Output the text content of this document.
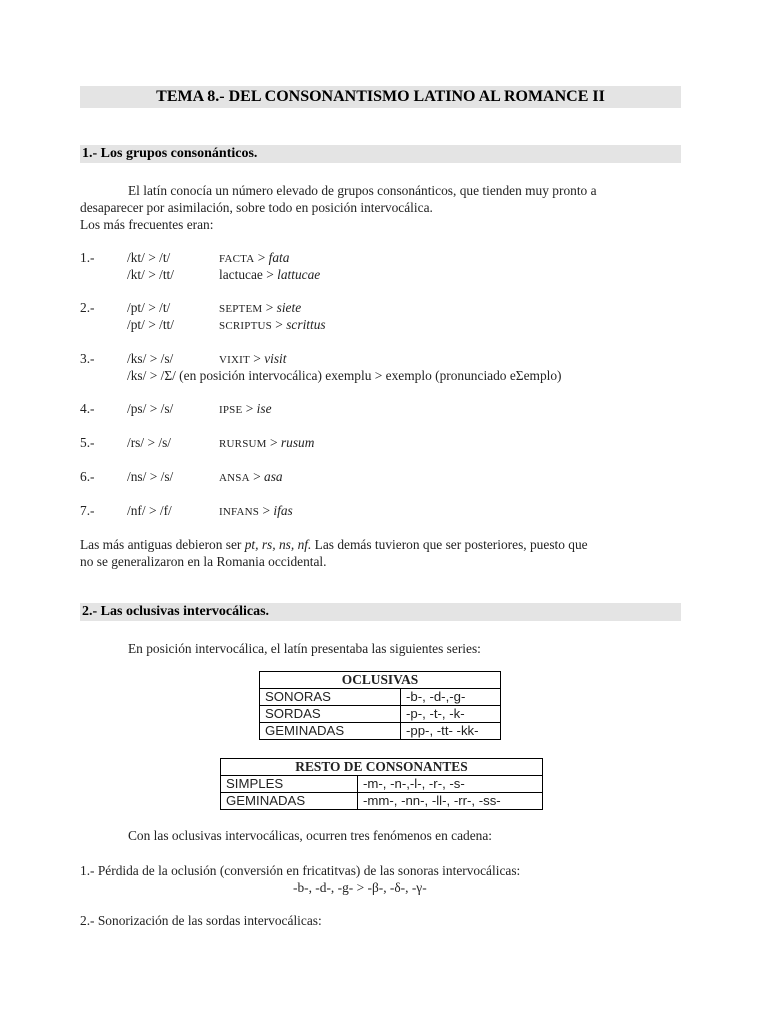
TEMA 8.- DEL CONSONANTISMO LATINO AL ROMANCE II
1.- Los grupos consonánticos.
El latín conocía un número elevado de grupos consonánticos, que tienden muy pronto a
desaparecer por asimilación, sobre todo en posición intervocálica.
Los más frecuentes eran:
1.- /kt/ > /t/	FACTA > fata
/kt/ > /tt/	lactucae > lattucae
2.- /pt/ > /t/	SEPTEM > siete
/pt/ > /tt/	SCRIPTUS > scrittus
3.- /ks/ > /s/	VIXIT > visit
/ks/ > /Σ/ (en posición intervocálica) exemplu > exemplo (pronunciado eΣemplo)
4.- /ps/ > /s/	IPSE > ise
5.- /rs/ > /s/	RURSUM > rusum
6.- /ns/ > /s/	ANSA > asa
7.- /nf/ > /f/	INFANS > ifas
Las más antiguas debieron ser pt, rs, ns, nf. Las demás tuvieron que ser posteriores, puesto que
no se generalizaron en la Romania occidental.
2.- Las oclusivas intervocálicas.
En posición intervocálica, el latín presentaba las siguientes series:
OCLUSIVAS	
SONORAS	-b-, -d-,-g-
SORDAS	-p-, -t-, -k-
GEMINADAS	-pp-, -tt- -kk-
RESTO DE CONSONANTES	
SIMPLES	-m-, -n-,-l-, -r-, -s-
GEMINADAS	-mm-, -nn-, -ll-, -rr-, -ss-
Con las oclusivas intervocálicas, ocurren tres fenómenos en cadena:
1.- Pérdida de la oclusión (conversión en fricatitvas) de las sonoras intervocálicas:
-b-, -d-, -g- > -β-, -δ-, -γ-
2.- Sonorización de las sordas intervocálicas:
